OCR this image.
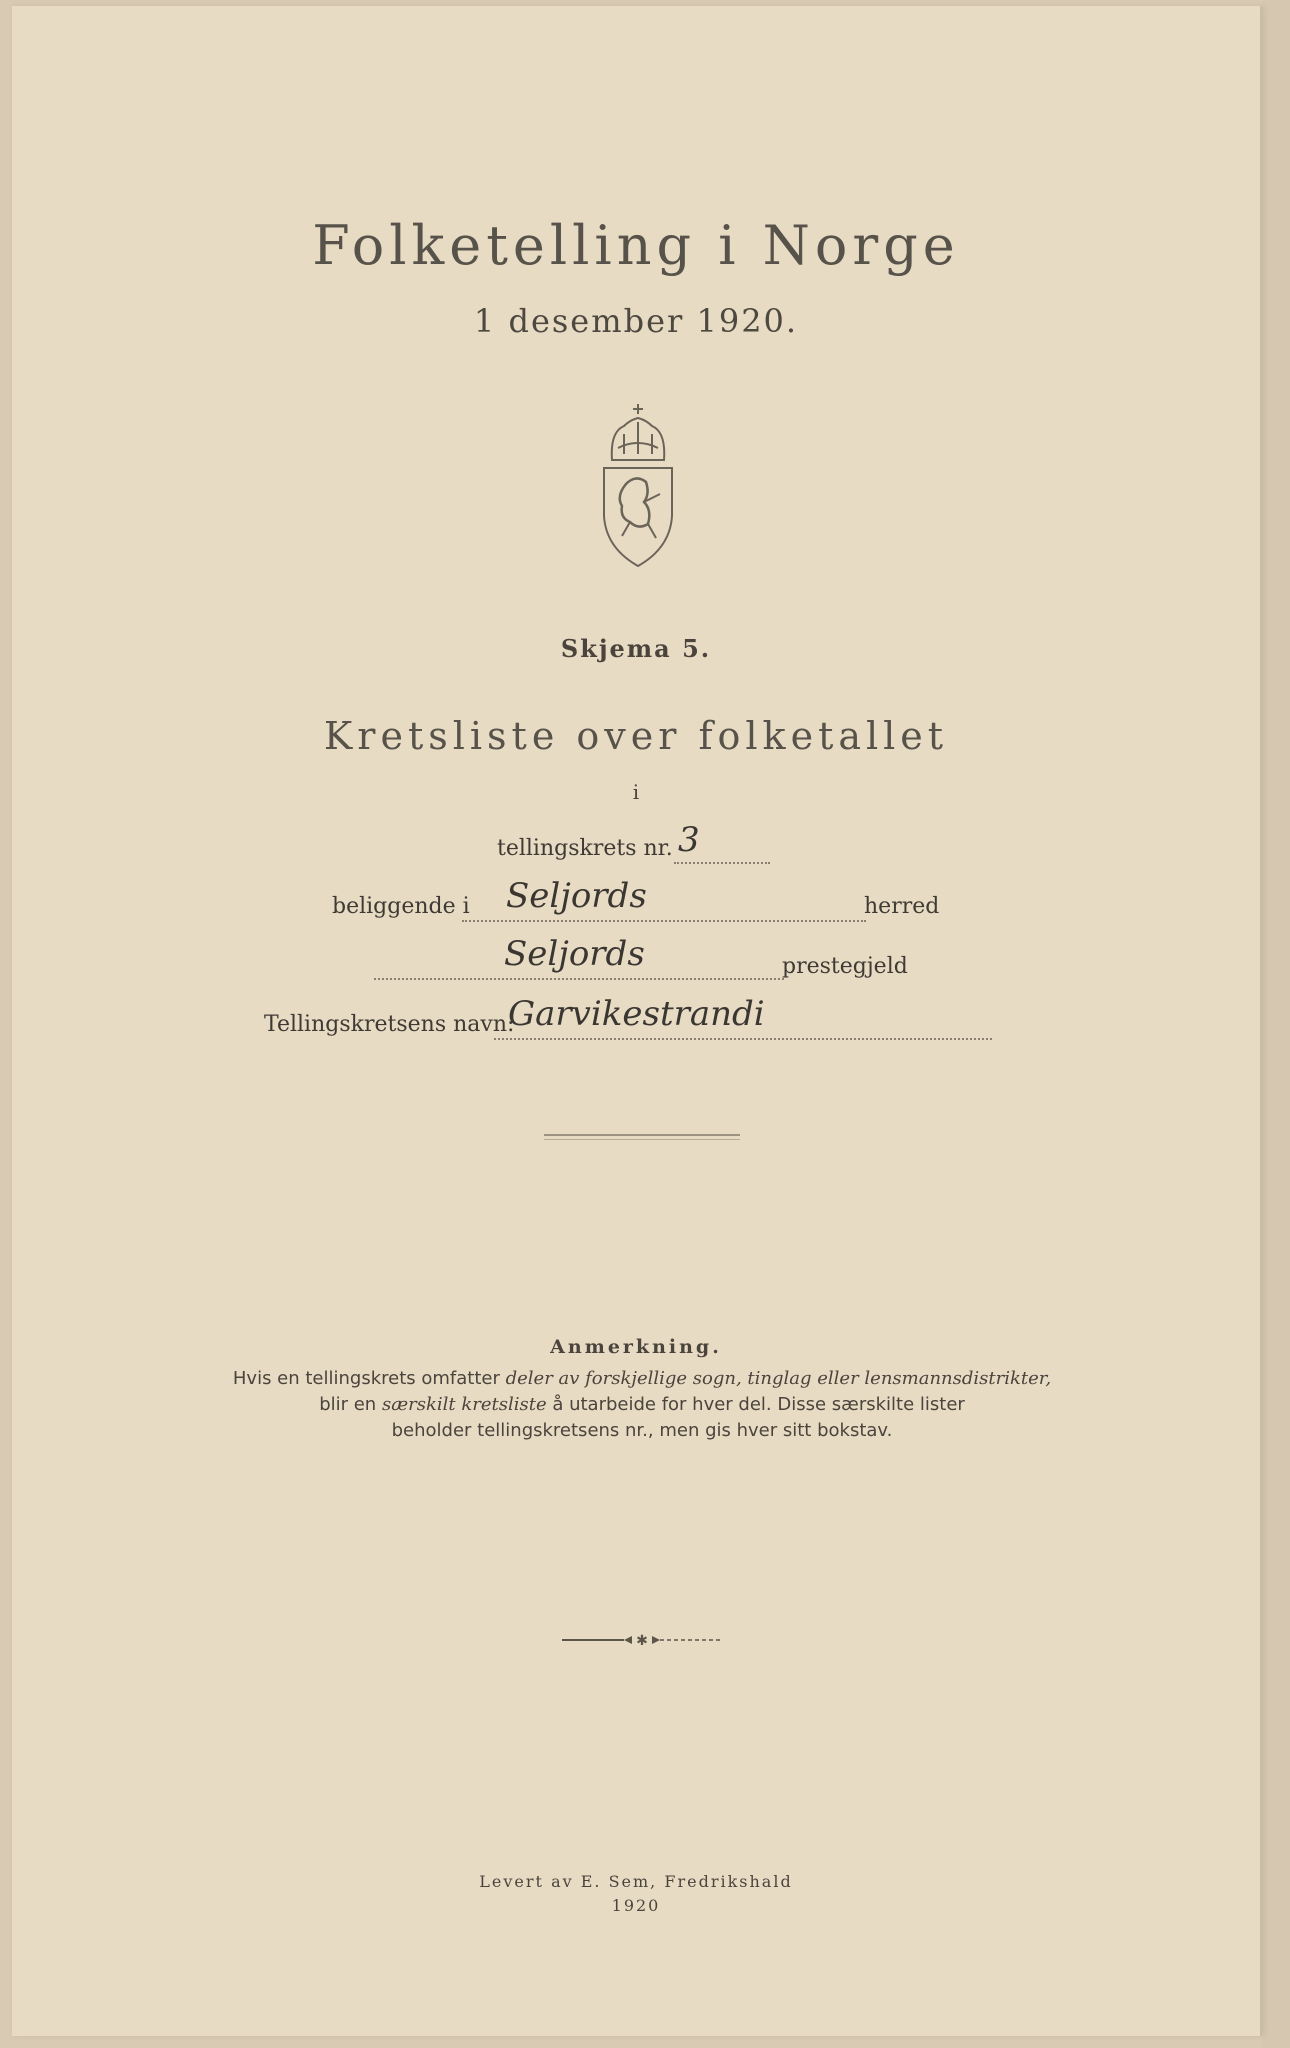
Folketelling i Norge
1 desember 1920.
Skjema 5.
Kretsliste over folketallet
i
tellingskrets nr. 3
beliggende i Seljords	herred
Seljords	prestegjeld
Tellingskretsens navn:
Garvikestrandi
Anmerkning.
Hvis en tellingskrets omfatter deler av forskjellige sogn, tinglag eller lensmannsdistrikter,
blir en særskilt kretsliste å utarbeide for hver del. Disse særskilte lister
beholder tellingskretsens nr., men gis hver sitt bokstav.
✱
Levert av E. Sem, Fredrikshald
1920
